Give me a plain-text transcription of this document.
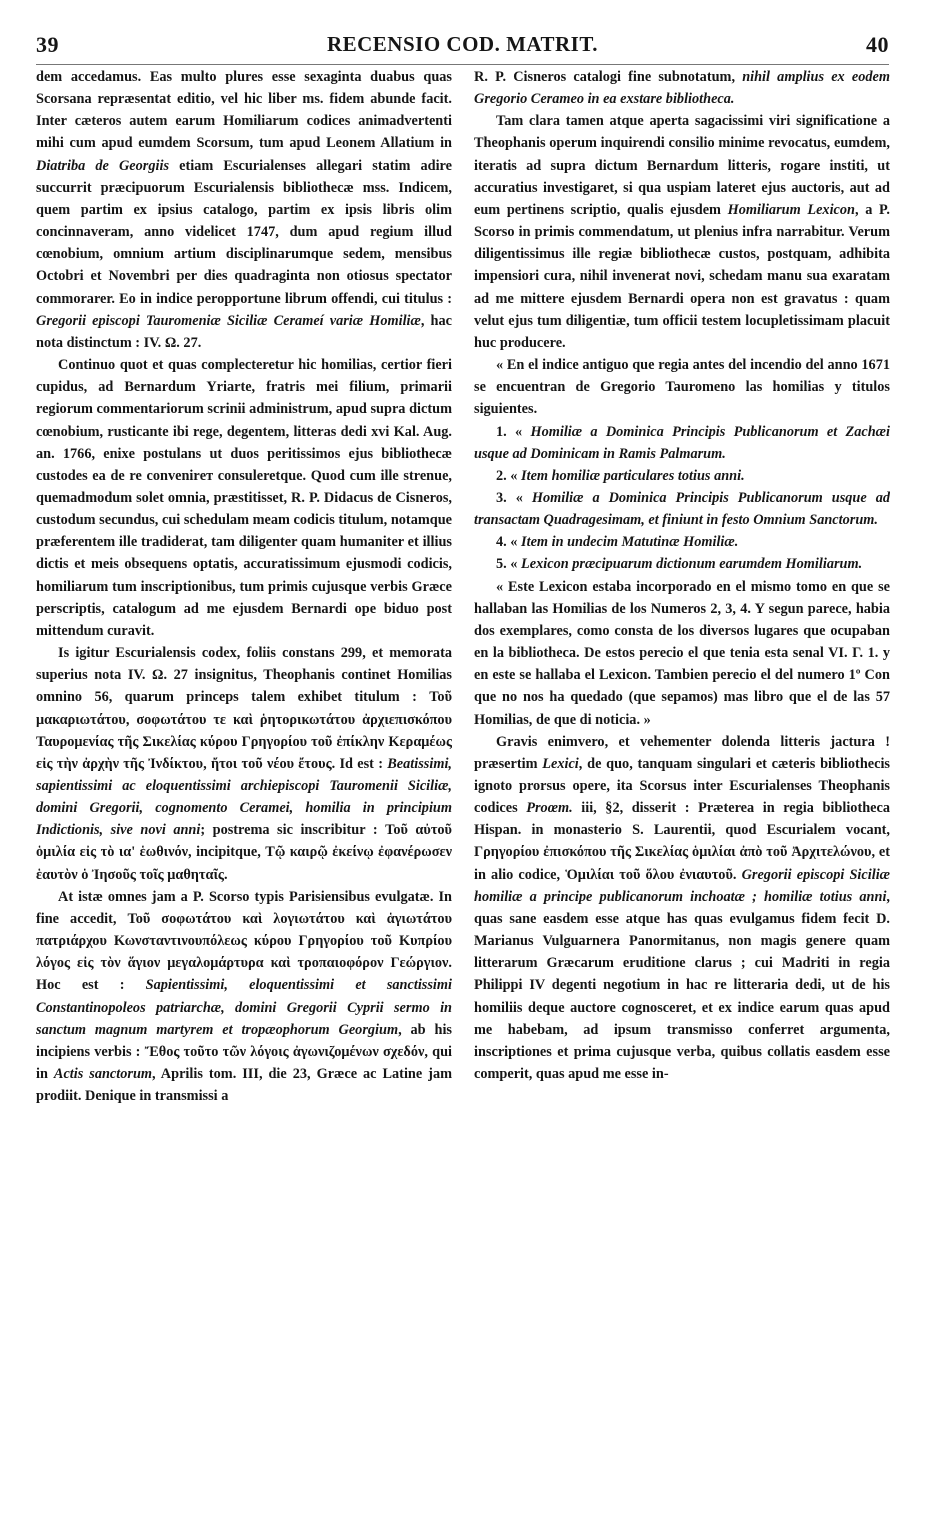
39	RECENSIO COD. MATRIT.	40

dem accedamus. Eas multo plures esse sexaginta duabus quas Scorsana repræsentat editio, vel hic liber ms. fidem abunde facit. Inter cæteros autem earum Homiliarum codices animadvertenti mihi cum apud eumdem Scorsum, tum apud Leonem Allatium in Diatriba de Georgiis etiam Escurialenses allegari statim adire succurrit præcipuorum Escurialensis bibliothecæ mss. Indicem, quem partim ex ipsius catalogo, partim ex ipsis libris olim concinnaveram, anno videlicet 1747, dum apud regium illud cœnobium, omnium artium disciplinarumque sedem, mensibus Octobri et Novembri per dies quadraginta non otiosus spectator commorarer. Eo in indice peropportune librum offendi, cui titulus : Gregorii episcopi Tauromeniæ Siciliæ Cerameí variæ Homiliæ, hac nota distinctum : IV. Ω. 27.

Continuo quot et quas complecteretur hic homilias, certior fieri cupidus, ad Bernardum Yriarte, fratris mei filium, primarii regiorum commentariorum scrinii administrum, apud supra dictum cœnobium, rusticante ibi rege, degentem, litteras dedi xvi Kal. Aug. an. 1766, enixe postulans ut duos peritissimos ejus bibliothecæ custodes ea de re convenirет consuleretque. Quod cum ille strenue, quemadmodum solet omnia, præstitisset, R. P. Didacus de Cisneros, custodum secundus, cui schedulam meam codicis titulum, notamque præferentem ille tradiderat, tam diligenter quam humaniter et illius dictis et meis obsequens optatis, accuratissimum ejusmodi codicis, homiliarum tum inscriptionibus, tum primis cujusque verbis Græce perscriptis, catalogum ad me ejusdem Bernardi ope biduo post mittendum curavit.

Is igitur Escurialensis codex, foliis constans 299, et memorata superius nota IV. Ω. 27 insignitus, Theophanis continet Homilias omnino 56, quarum princeps talem exhibet titulum : Τοῦ μακαριωτάτου, σοφωτάτου τε καὶ ῥητορικωτάτου ἀρχιεπισκόπου Ταυρομενίας τῆς Σικελίας κύρου Γρηγορίου τοῦ ἐπίκλην Κεραμέως εἰς τὴν ἀρχὴν τῆς Ἰνδίκτου, ἤτοι τοῦ νέου ἔτους. Id est : Beatissimi, sapientissimi ac eloquentissimi archiepiscopi Tauromenii Siciliæ, domini Gregorii, cognomento Ceramei, homilia in principium Indictionis, sive novi anni; postrema sic inscribitur : Τοῦ αὐτοῦ ὁμιλία εἰς τὸ ια' ἑωθινόν, incipitque, Τῷ καιρῷ ἐκείνῳ ἐφανέρωσεν ἑαυτὸν ὁ Ἰησοῦς τοῖς μαθηταῖς.

At istæ omnes jam a P. Scorso typis Parisiensibus evulgatæ. In fine accedit, Τοῦ σοφωτάτου καὶ λογιωτάτου καὶ ἁγιωτάτου πατριάρχου Κωνσταντινουπόλεως κύρου Γρηγορίου τοῦ Κυπρίου λόγος εἰς τὸν ἅγιον μεγαλομάρτυρα καὶ τροπαιοφόρον Γεώργιον. Hoc est : Sapientissimi, eloquentissimi et sanctissimi Constantinopoleos patriarchæ, domini Gregorii Cyprii sermo in sanctum magnum martyrem et tropæophorum Georgium, ab his incipiens verbis : Ἔθος τοῦτο τῶν λόγοις ἀγωνιζομένων σχεδόν, qui in Actis sanctorum, Aprilis tom. III, die 23, Græce ac Latine jam prodiit. Denique in transmissi a

R. P. Cisneros catalogi fine subnotatum, nihil amplius ex eodem Gregorio Cerameo in ea exstare bibliotheca.

Tam clara tamen atque aperta sagacissimi viri significatione a Theophanis operum inquirendi consilio minime revocatus, eumdem, iteratis ad supra dictum Bernardum litteris, rogare institi, ut accuratius investigaret, si qua uspiam lateret ejus auctoris, aut ad eum pertinens scriptio, qualis ejusdem Homiliarum Lexicon, a P. Scorso in primis commendatum, ut plenius infra narrabitur. Verum diligentissimus ille regiæ bibliothecæ custos, postquam, adhibita impensiori cura, nihil invenerat novi, schedam manu sua exaratam ad me mittere ejusdem Bernardi opera non est gravatus : quam velut ejus tum diligentiæ, tum officii testem locupletissimam placuit huc producere.

« En el indice antiguo que regia antes del incendio del anno 1671 se encuentran de Gregorio Tauromeno las homilias y titulos siguientes.

1. « Homiliæ a Dominica Principis Publicanorum et Zachæi usque ad Dominicam in Ramis Palmarum.

2. « Item homiliæ particulares totius anni.

3. « Homiliæ a Dominica Principis Publicanorum usque ad transactam Quadragesimam, et finiunt in festo Omnium Sanctorum.

4. « Item in undecim Matutinæ Homiliæ.

5. « Lexicon præcipuarum dictionum earumdem Homiliarum.

« Este Lexicon estaba incorporado en el mismo tomo en que se hallaban las Homilias de los Numeros 2, 3, 4. Y segun parece, habia dos exemplares, como consta de los diversos lugares que ocupaban en la bibliotheca. De estos perecio el que tenia esta senal VI. Γ. 1. y en este se hallaba el Lexicon. Tambien perecio el del numero 1º Con que no nos ha quedado (que sepamos) mas libro que el de las 57 Homilias, de que di noticia. »

Gravis enimvero, et vehementer dolenda litteris jactura ! præsertim Lexici, de quo, tanquam singulari et cæteris bibliothecis ignoto prorsus opere, ita Scorsus inter Escurialenses Theophanis codices Proœm. iii, §2, disserit : Præterea in regia bibliotheca Hispan. in monasterio S. Laurentii, quod Escurialem vocant, Γρηγορίου ἐπισκόπου τῆς Σικελίας ὁμιλίαι ἀπὸ τοῦ Ἀρχιτελώνου, et in alio codice, Ὁμιλίαι τοῦ ὅλου ἐνιαυτοῦ. Gregorii episcopi Siciliæ homiliæ a principe publicanorum inchoatæ ; homiliæ totius anni, quas sane easdem esse atque has quas evulgamus fidem fecit D. Marianus Vulguarnera Panormitanus, non magis genere quam litterarum Græcarum eruditione clarus ; cui Madriti in regia Philippi IV degenti negotium in hac re litteraria dedi, ut de his homiliis deque auctore cognosceret, et ex indice earum quas apud me habebam, ad ipsum transmisso conferret argumenta, inscriptiones et prima cujusque verba, quibus collatis easdem esse comperit, quas apud me esse in-
